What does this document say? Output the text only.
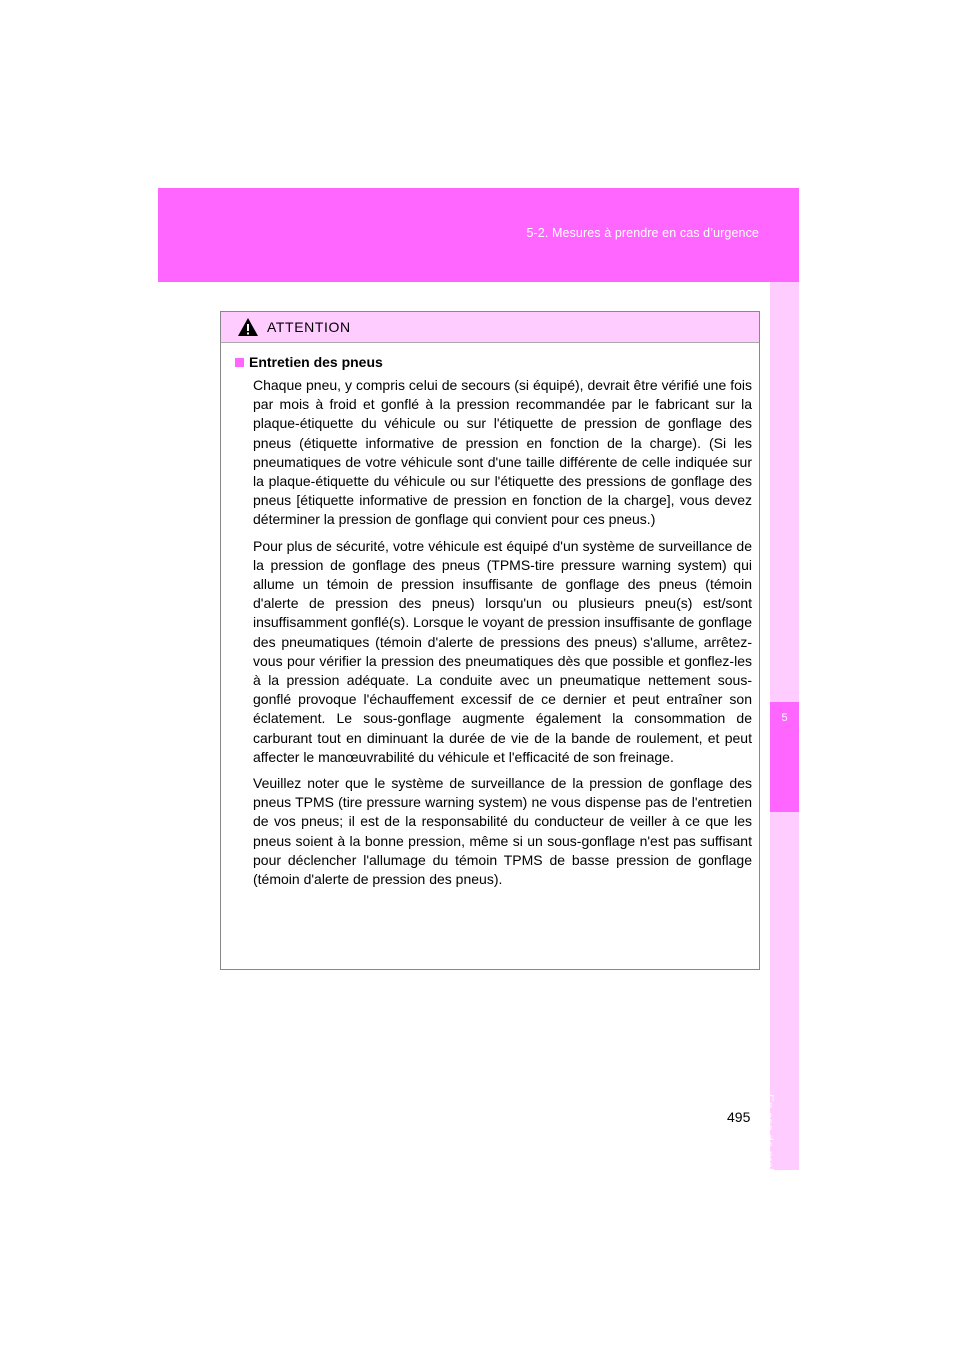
5-2. Mesures à prendre en cas d’urgence
5
En cas de problème
ATTENTION
Entretien des pneus

Chaque pneu, y compris celui de secours (si équipé), devrait être vérifié une fois par mois à froid et gonflé à la pression recommandée par le fabricant sur la plaque-étiquette du véhicule ou sur l'étiquette de pression de gonflage des pneus (étiquette informative de pression en fonction de la charge). (Si les pneumatiques de votre véhicule sont d'une taille différente de celle indiquée sur la plaque-étiquette du véhicule ou sur l'étiquette des pressions de gonflage des pneus [étiquette informative de pression en fonction de la charge], vous devez déterminer la pression de gonflage qui convient pour ces pneus.)

Pour plus de sécurité, votre véhicule est équipé d'un système de surveillance de la pression de gonflage des pneus (TPMS-tire pressure warning system) qui allume un témoin de pression insuffisante de gonflage des pneus (témoin d'alerte de pression des pneus) lorsqu'un ou plusieurs pneu(s) est/sont insuffisamment gonflé(s). Lorsque le voyant de pression insuffisante de gonflage des pneumatiques (témoin d'alerte de pressions des pneus) s'allume, arrêtez-vous pour vérifier la pression des pneumatiques dès que possible et gonflez-les à la pression adéquate. La conduite avec un pneumatique nettement sous-gonflé provoque l'échauffement excessif de ce dernier et peut entraîner son éclatement. Le sous-gonflage augmente également la consommation de carburant tout en diminuant la durée de vie de la bande de roulement, et peut affecter le manœuvrabilité du véhicule et l'efficacité de son freinage.

Veuillez noter que le système de surveillance de la pression de gonflage des pneus TPMS (tire pressure warning system) ne vous dispense pas de l'entretien de vos pneus; il est de la responsabilité du conducteur de veiller à ce que les pneus soient à la bonne pression, même si un sous-gonflage n'est pas suffisant pour déclencher l'allumage du témoin TPMS de basse pression de gonflage (témoin d'alerte de pression des pneus).

495
